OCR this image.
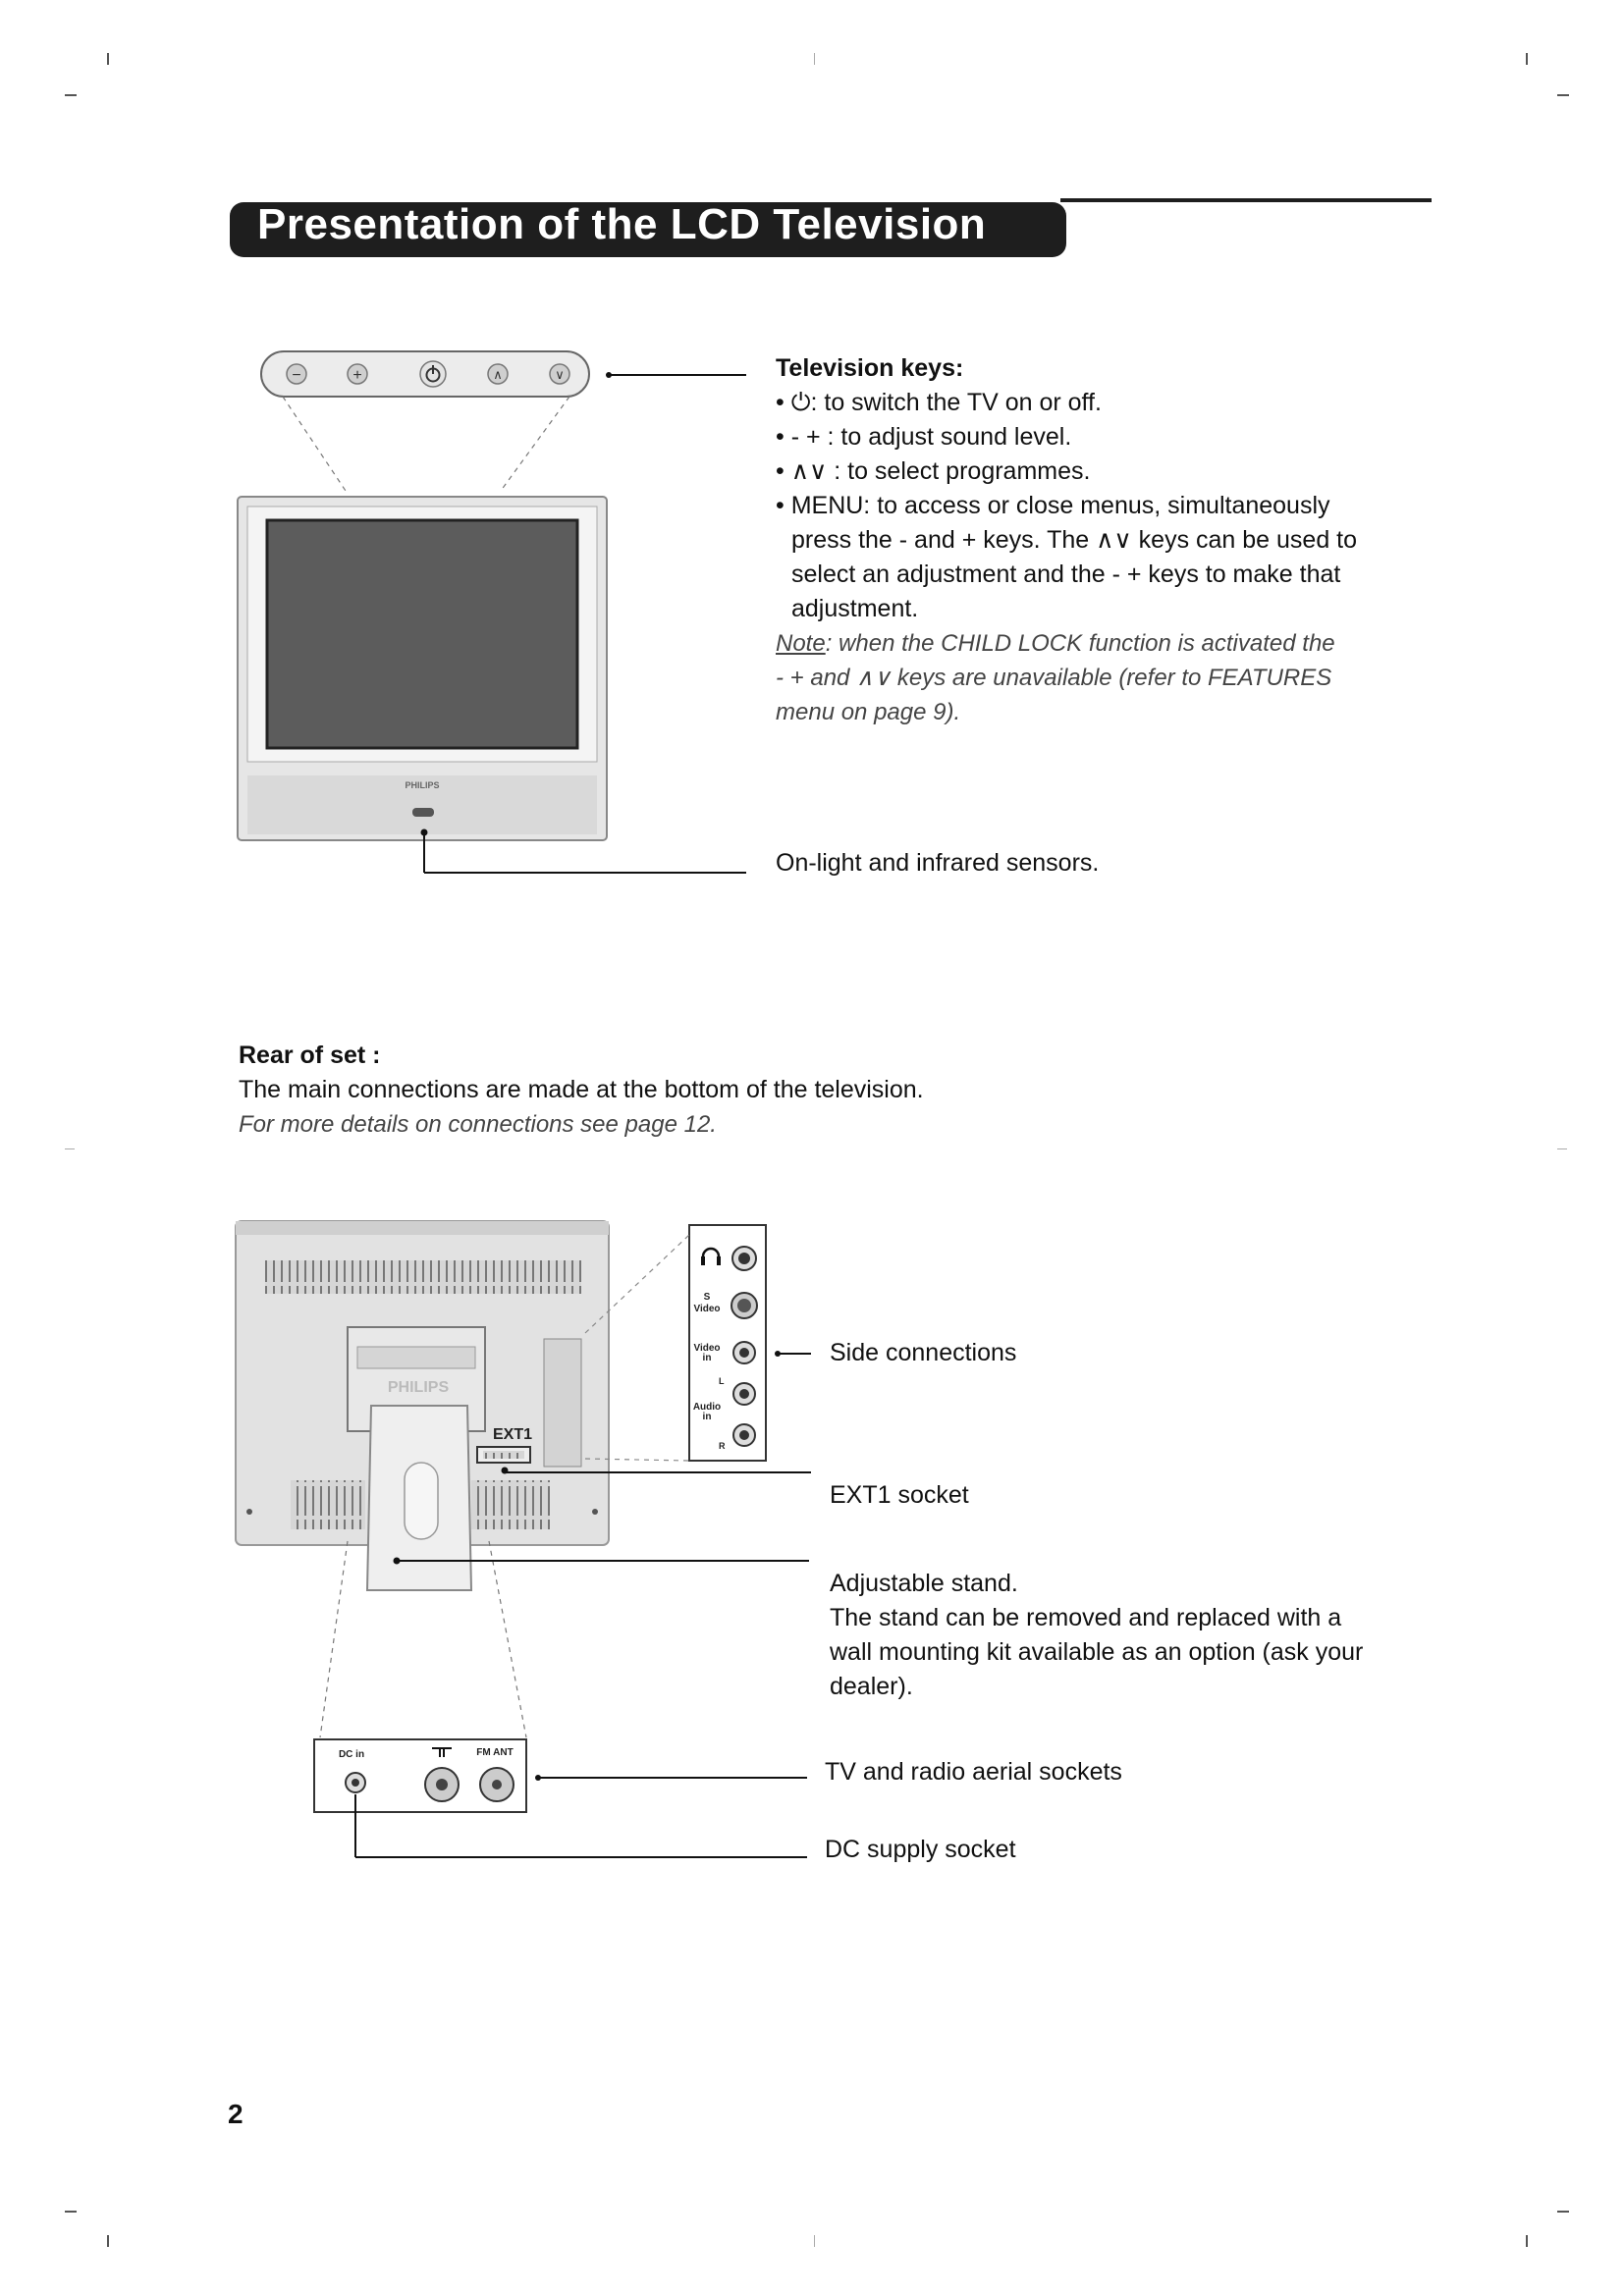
Presentation of the LCD Television
−	+	∧	∨
PHILIPS
Television keys:
• ⏻: to switch the TV on or off.
• - + : to adjust sound level.
• ∧∨ : to select programmes.
• MENU: to access or close menus, simultaneously
press the - and + keys. The ∧∨ keys can be used to
select an adjustment and the - + keys to make that
adjustment.
Note: when the CHILD LOCK function is activated the
- + and ∧∨ keys are unavailable (refer to FEATURES
menu on page 9).
On-light and infrared sensors.
Rear of set :
The main connections are made at the bottom of the television.
For more details on connections see page 12.
PHILIPS
EXT1
S
Video
Video
in
L
Audio
in
R
DC in	FM ANT
Side connections
EXT1 socket
Adjustable stand.
The stand can be removed and replaced with a
wall mounting kit available as an option (ask your
dealer).
TV and radio aerial sockets
DC supply socket
2
